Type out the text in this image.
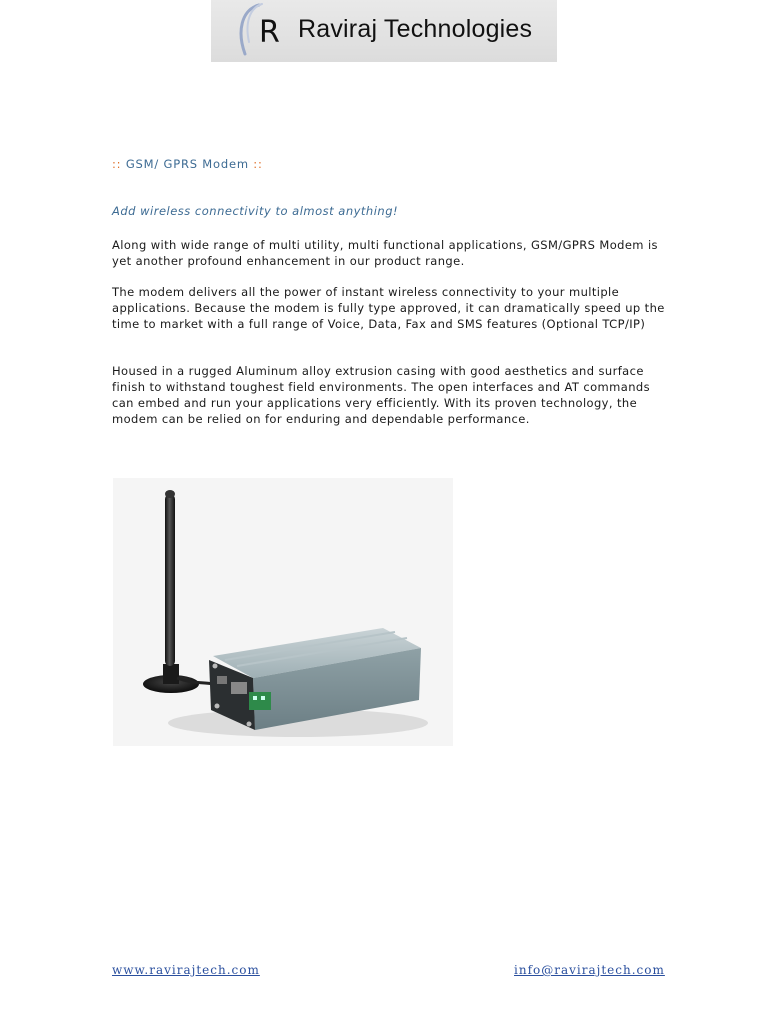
R Raviraj Technologies
:: GSM/ GPRS Modem ::
Add wireless connectivity to almost anything!

Along with wide range of multi utility, multi functional applications, GSM/GPRS Modem is yet another profound enhancement in our product range.

The modem delivers all the power of instant wireless connectivity to your multiple applications. Because the modem is fully type approved, it can dramatically speed up the time to market with a full range of Voice, Data, Fax and SMS features (Optional TCP/IP)

Housed in a rugged Aluminum alloy extrusion casing with good aesthetics and surface finish to withstand toughest field environments. The open interfaces and AT commands can embed and run your applications very efficiently. With its proven technology, the modem can be relied on for enduring and dependable performance.

www.ravirajtech.com	info@ravirajtech.com
